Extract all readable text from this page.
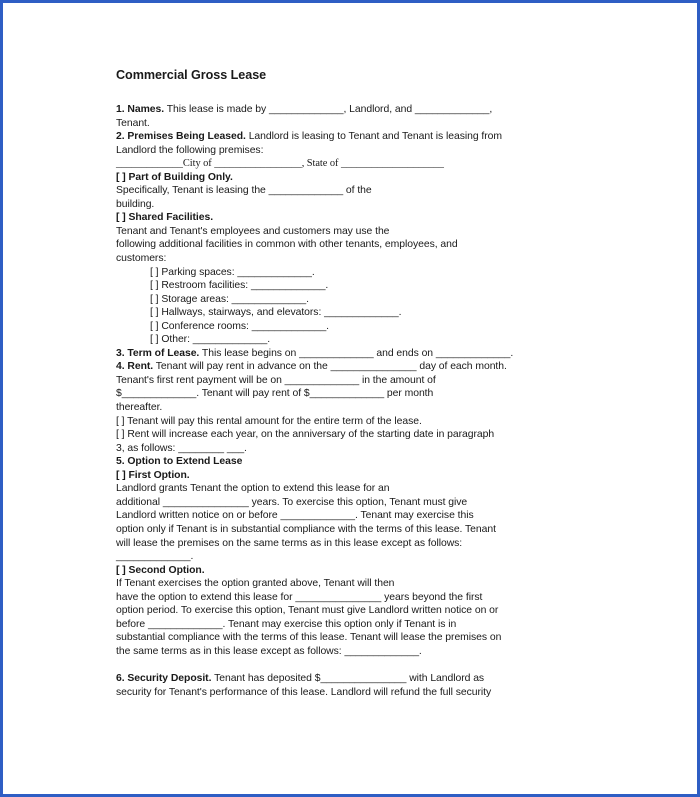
Commercial Gross Lease
1. Names. This lease is made by _____________, Landlord, and _____________,
Tenant.
2. Premises Being Leased. Landlord is leasing to Tenant and Tenant is leasing from
Landlord the following premises:
_____________City of _________________, State of ____________________
[ ] Part of Building Only.
Specifically, Tenant is leasing the _____________ of the
building.
[ ] Shared Facilities.
Tenant and Tenant's employees and customers may use the
following additional facilities in common with other tenants, employees, and
customers:
[ ] Parking spaces: _____________.
[ ] Restroom facilities: _____________.
[ ] Storage areas: _____________.
[ ] Hallways, stairways, and elevators: _____________.
[ ] Conference rooms: _____________.
[ ] Other: _____________.
3. Term of Lease. This lease begins on _____________ and ends on _____________.
4. Rent. Tenant will pay rent in advance on the _______________ day of each month.
Tenant's first rent payment will be on _____________ in the amount of
$_____________. Tenant will pay rent of $_____________ per month
thereafter.
[ ] Tenant will pay this rental amount for the entire term of the lease.
[ ] Rent will increase each year, on the anniversary of the starting date in paragraph
3, as follows: ________ ___.
5. Option to Extend Lease
[ ] First Option.
Landlord grants Tenant the option to extend this lease for an
additional _______________ years. To exercise this option, Tenant must give
Landlord written notice on or before _____________. Tenant may exercise this
option only if Tenant is in substantial compliance with the terms of this lease. Tenant
will lease the premises on the same terms as in this lease except as follows:
_____________.
[ ] Second Option.
If Tenant exercises the option granted above, Tenant will then
have the option to extend this lease for _______________ years beyond the first
option period. To exercise this option, Tenant must give Landlord written notice on or
before _____________. Tenant may exercise this option only if Tenant is in
substantial compliance with the terms of this lease. Tenant will lease the premises on
the same terms as in this lease except as follows: _____________.
6. Security Deposit. Tenant has deposited $_______________ with Landlord as
security for Tenant's performance of this lease. Landlord will refund the full security
